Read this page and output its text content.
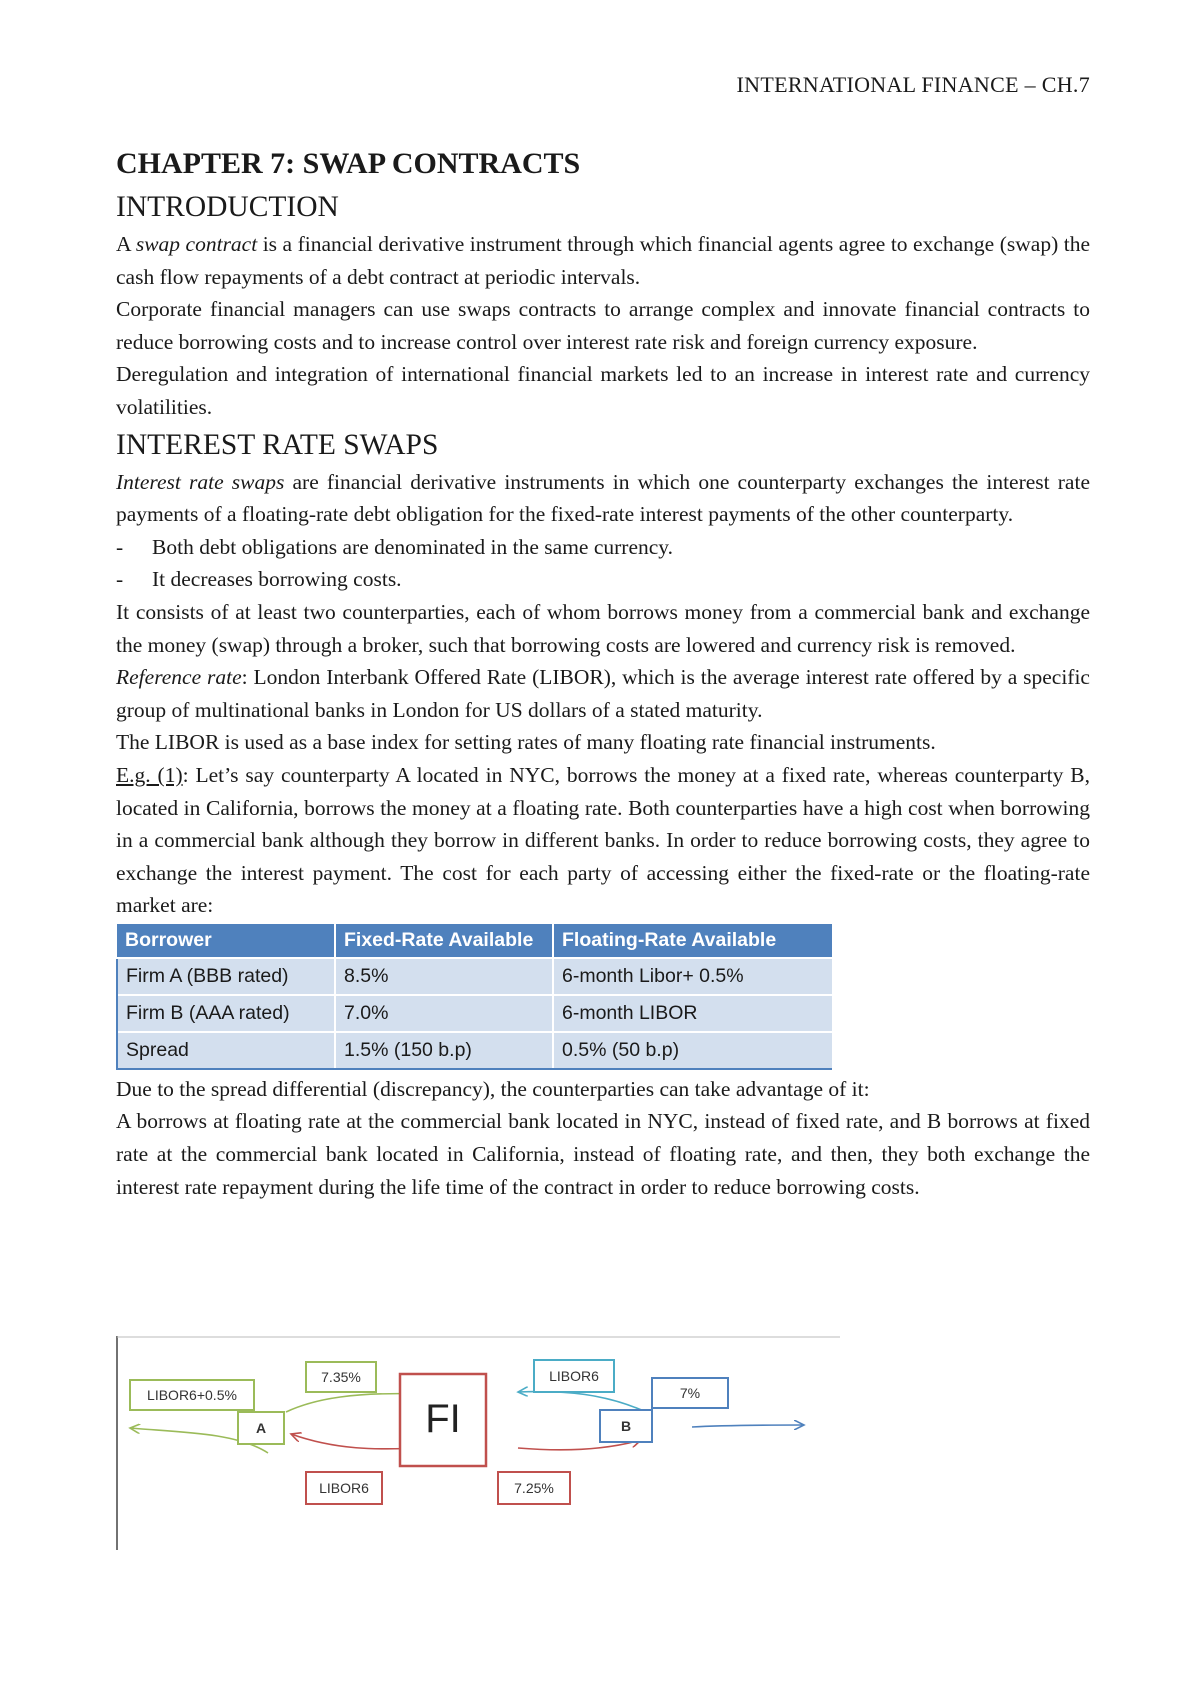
INTERNATIONAL FINANCE – CH.7
CHAPTER 7: SWAP CONTRACTS
INTRODUCTION

A swap contract is a financial derivative instrument through which financial agents agree to exchange (swap) the cash flow repayments of a debt contract at periodic intervals.

Corporate financial managers can use swaps contracts to arrange complex and innovate financial contracts to reduce borrowing costs and to increase control over interest rate risk and foreign currency exposure.

Deregulation and integration of international financial markets led to an increase in interest rate and currency volatilities.

INTEREST RATE SWAPS

Interest rate swaps are financial derivative instruments in which one counterparty exchanges the interest rate payments of a floating-rate debt obligation for the fixed-rate interest payments of the other counterparty.

-	Both debt obligations are denominated in the same currency.
-	It decreases borrowing costs.

It consists of at least two counterparties, each of whom borrows money from a commercial bank and exchange the money (swap) through a broker, such that borrowing costs are lowered and currency risk is removed.

Reference rate: London Interbank Offered Rate (LIBOR), which is the average interest rate offered by a specific group of multinational banks in London for US dollars of a stated maturity.

The LIBOR is used as a base index for setting rates of many floating rate financial instruments.

E.g. (1): Let’s say counterparty A located in NYC, borrows the money at a fixed rate, whereas counterparty B, located in California, borrows the money at a floating rate. Both counterparties have a high cost when borrowing in a commercial bank although they borrow in different banks. In order to reduce borrowing costs, they agree to exchange the interest payment. The cost for each party of accessing either the fixed-rate or the floating-rate market are:

Borrower	Fixed-Rate Available	Floating-Rate Available
Firm A (BBB rated)	8.5%	6-month Libor+ 0.5%
Firm B (AAA rated)	7.0%	6-month LIBOR
Spread	1.5% (150 b.p)	0.5% (50 b.p)

Due to the spread differential (discrepancy), the counterparties can take advantage of it:

A borrows at floating rate at the commercial bank located in NYC, instead of fixed rate, and B borrows at fixed rate at the commercial bank located in California, instead of floating rate, and then, they both exchange the interest rate repayment during the life time of the contract in order to reduce borrowing costs.

LIBOR6+0.5%
7.35%
LIBOR6
LIBOR6
7%
7.25%
A	B
FI
